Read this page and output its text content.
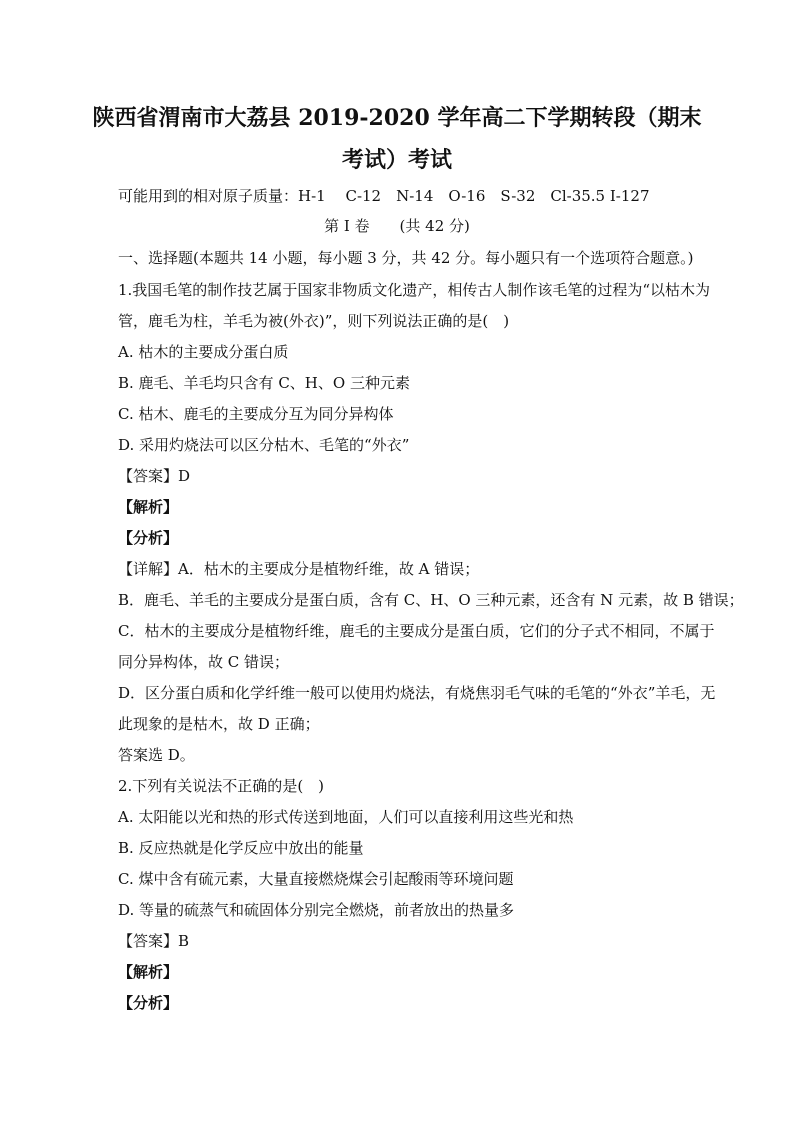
陕西省渭南市大荔县 2019-2020 学年高二下学期转段（期末
考试）考试
可能用到的相对原子质量：H-1　 C-12　N-14　O-16　S-32　Cl-35.5 I-127
第 I 卷　　(共 42 分)
一、选择题(本题共 14 小题，每小题 3 分，共 42 分。每小题只有一个选项符合题意。)
1.我国毛笔的制作技艺属于国家非物质文化遗产，相传古人制作该毛笔的过程为“以枯木为
管，鹿毛为柱，羊毛为被(外衣)”，则下列说法正确的是(　)
A. 枯木的主要成分蛋白质
B. 鹿毛、羊毛均只含有 C、H、O 三种元素
C. 枯木、鹿毛的主要成分互为同分异构体
D. 采用灼烧法可以区分枯木、毛笔的“外衣”
【答案】D
【解析】
【分析】
【详解】A．枯木的主要成分是植物纤维，故 A 错误；
B．鹿毛、羊毛的主要成分是蛋白质，含有 C、H、O 三种元素，还含有 N 元素，故 B 错误；
C．枯木的主要成分是植物纤维，鹿毛的主要成分是蛋白质，它们的分子式不相同，不属于
同分异构体，故 C 错误；
D．区分蛋白质和化学纤维一般可以使用灼烧法，有烧焦羽毛气味的毛笔的“外衣”羊毛，无
此现象的是枯木，故 D 正确；
答案选 D。
2.下列有关说法不正确的是(　)
A. 太阳能以光和热的形式传送到地面，人们可以直接利用这些光和热
B. 反应热就是化学反应中放出的能量
C. 煤中含有硫元素，大量直接燃烧煤会引起酸雨等环境问题
D. 等量的硫蒸气和硫固体分别完全燃烧，前者放出的热量多
【答案】B
【解析】
【分析】
